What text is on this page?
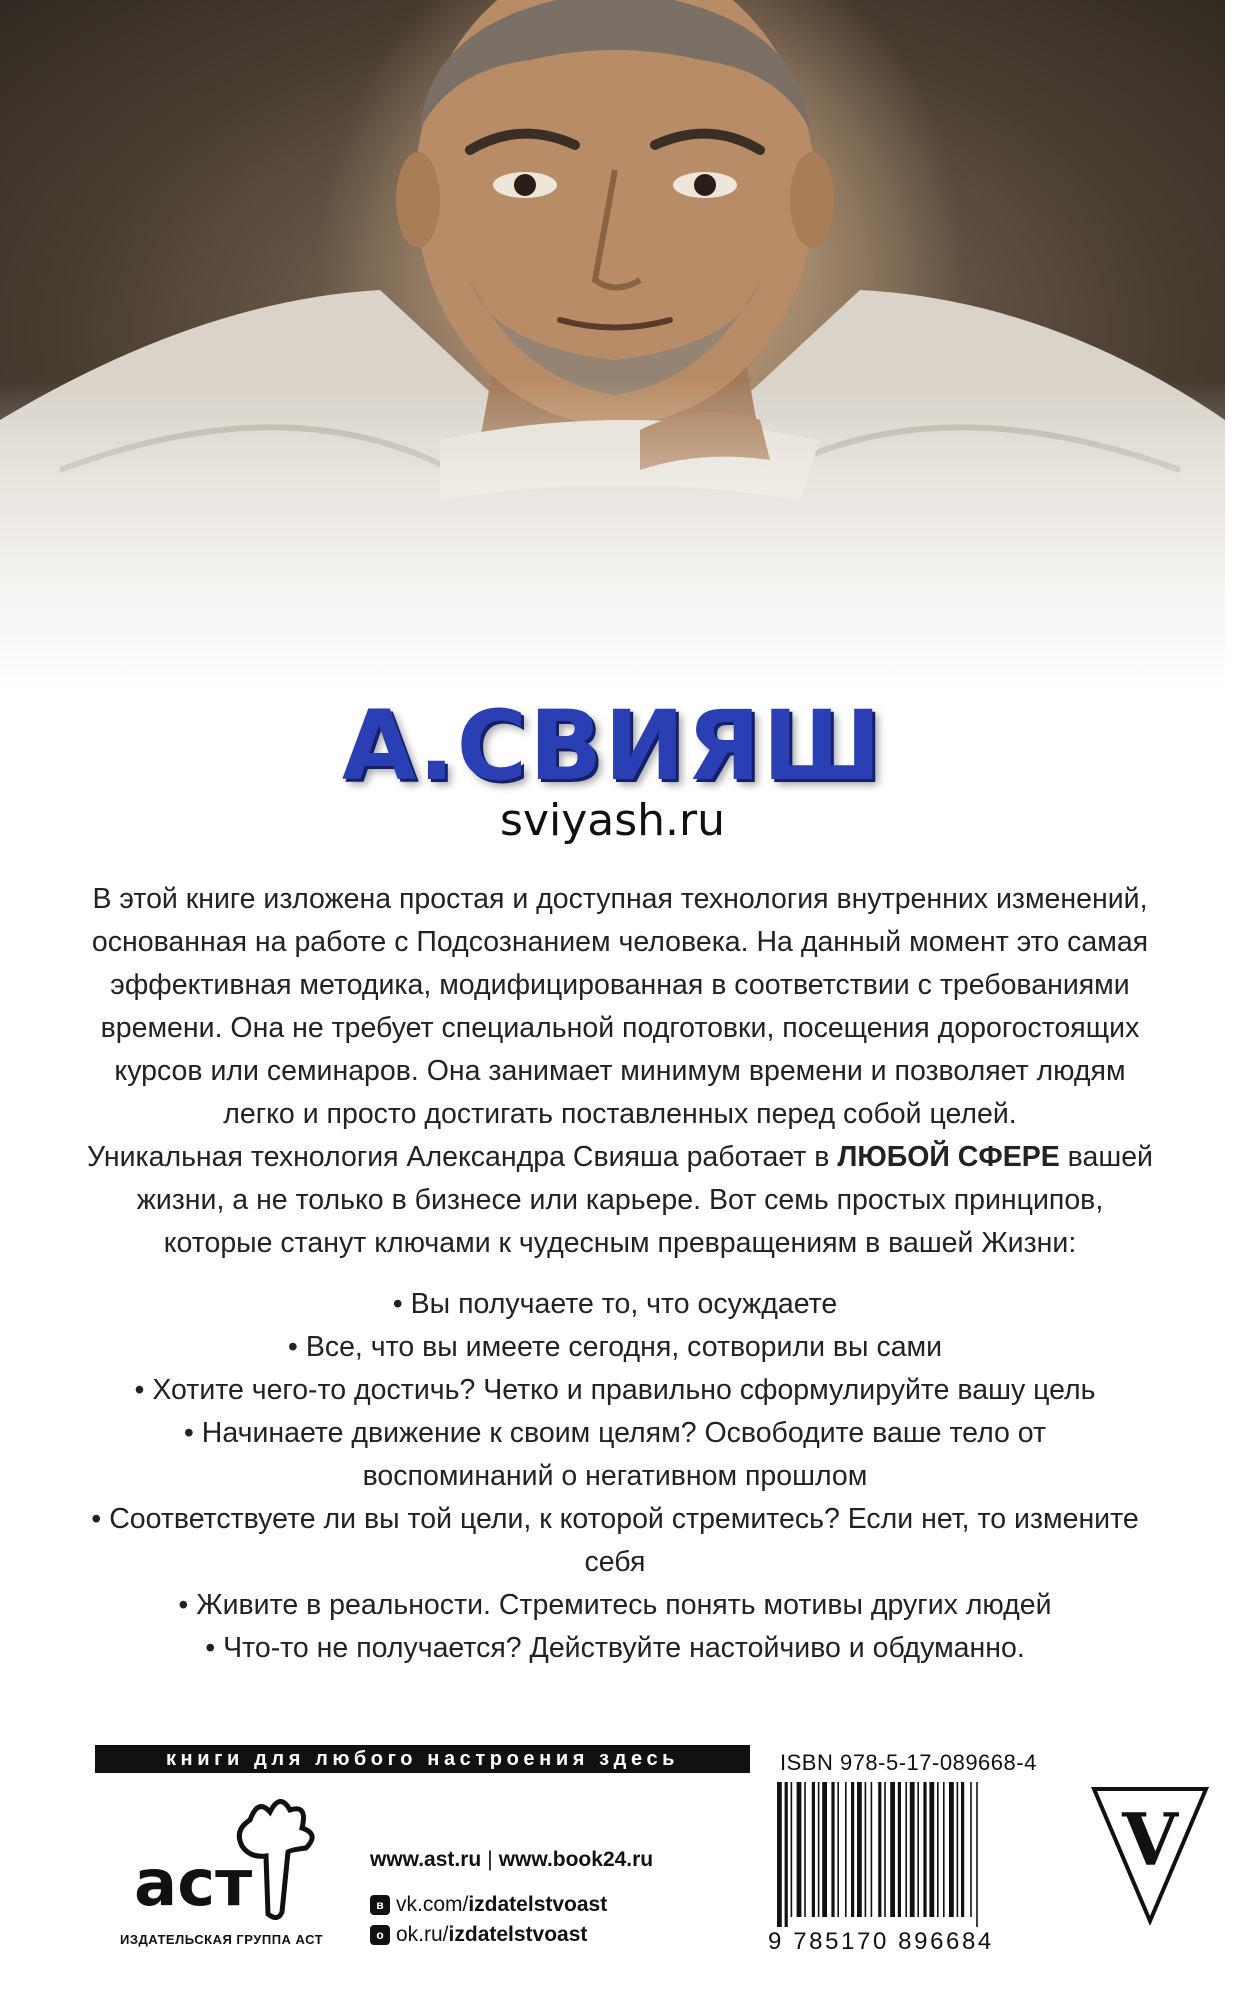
А.СВИЯШ
sviyash.ru

В этой книге изложена простая и доступная технология внутренних изменений, основанная на работе с Подсознанием человека. На данный момент это самая эффективная методика, модифицированная в соответствии с требованиями времени. Она не требует специальной подготовки, посещения дорогостоящих курсов или семинаров. Она занимает минимум времени и позволяет людям легко и просто достигать поставленных перед собой целей.

Уникальная технология Александра Свияша работает в ЛЮБОЙ СФЕРЕ вашей жизни, а не только в бизнесе или карьере. Вот семь простых принципов, которые станут ключами к чудесным превращениям в вашей Жизни:

• Вы получаете то, что осуждаете
• Все, что вы имеете сегодня, сотворили вы сами
• Хотите чего-то достичь? Четко и правильно сформулируйте вашу цель
• Начинаете движение к своим целям? Освободите ваше тело от воспоминаний о негативном прошлом
• Соответствуете ли вы той цели, к которой стремитесь? Если нет, то измените себя
• Живите в реальности. Стремитесь понять мотивы других людей
• Что-то не получается? Действуйте настойчиво и обдуманно.
книги для любого настроения здесь
аст
ИЗДАТЕЛЬСКАЯ ГРУППА АСТ
www.ast.ru | www.book24.ru
в vk.com/izdatelstvoast
o ok.ru/izdatelstvoast
ISBN 978-5-17-089668-4
9 785170 896684
V
